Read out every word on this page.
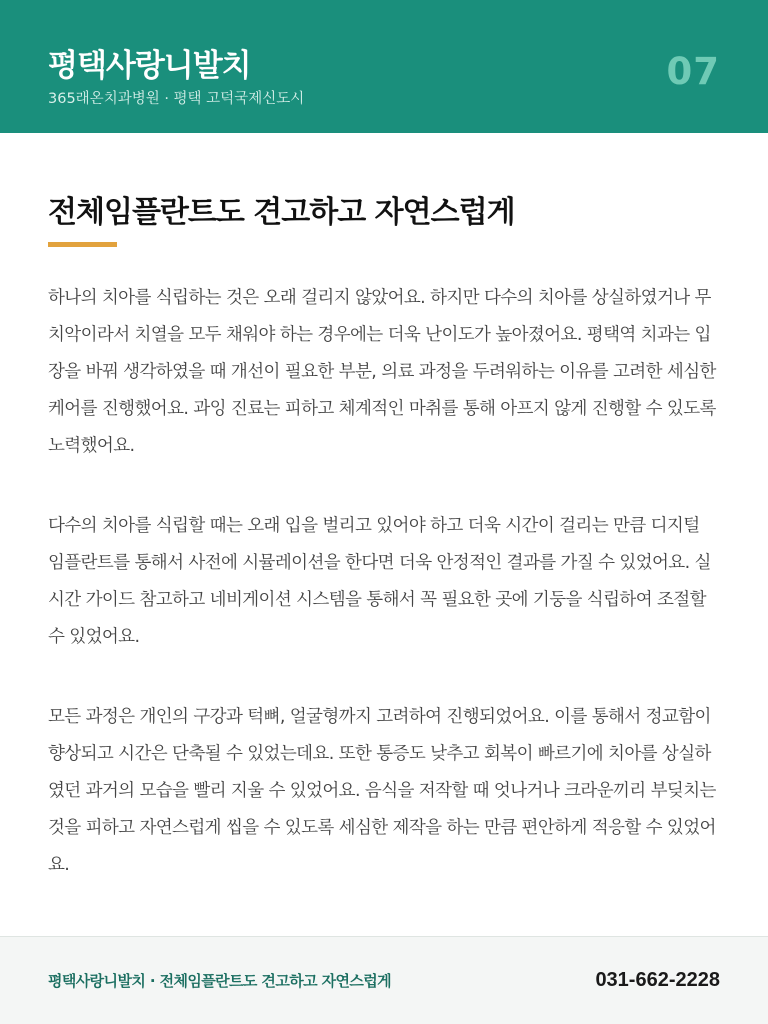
평택사랑니발치
365래온치과병원 · 평택 고덕국제신도시
07
전체임플란트도 견고하고 자연스럽게

하나의 치아를 식립하는 것은 오래 걸리지 않았어요. 하지만 다수의 치아를 상실하였거나 무치악이라서 치열을 모두 채워야 하는 경우에는 더욱 난이도가 높아졌어요. 평택역 치과는 입장을 바꿔 생각하였을 때 개선이 필요한 부분, 의료 과정을 두려워하는 이유를 고려한 세심한 케어를 진행했어요. 과잉 진료는 피하고 체계적인 마취를 통해 아프지 않게 진행할 수 있도록 노력했어요.

다수의 치아를 식립할 때는 오래 입을 벌리고 있어야 하고 더욱 시간이 걸리는 만큼 디지털 임플란트를 통해서 사전에 시뮬레이션을 한다면 더욱 안정적인 결과를 가질 수 있었어요. 실시간 가이드 참고하고 네비게이션 시스템을 통해서 꼭 필요한 곳에 기둥을 식립하여 조절할 수 있었어요.

모든 과정은 개인의 구강과 턱뼈, 얼굴형까지 고려하여 진행되었어요. 이를 통해서 정교함이 향상되고 시간은 단축될 수 있었는데요. 또한 통증도 낮추고 회복이 빠르기에 치아를 상실하였던 과거의 모습을 빨리 지울 수 있었어요. 음식을 저작할 때 엇나거나 크라운끼리 부딪치는 것을 피하고 자연스럽게 씹을 수 있도록 세심한 제작을 하는 만큼 편안하게 적응할 수 있었어요.

평택사랑니발치 · 전체임플란트도 견고하고 자연스럽게	031-662-2228
